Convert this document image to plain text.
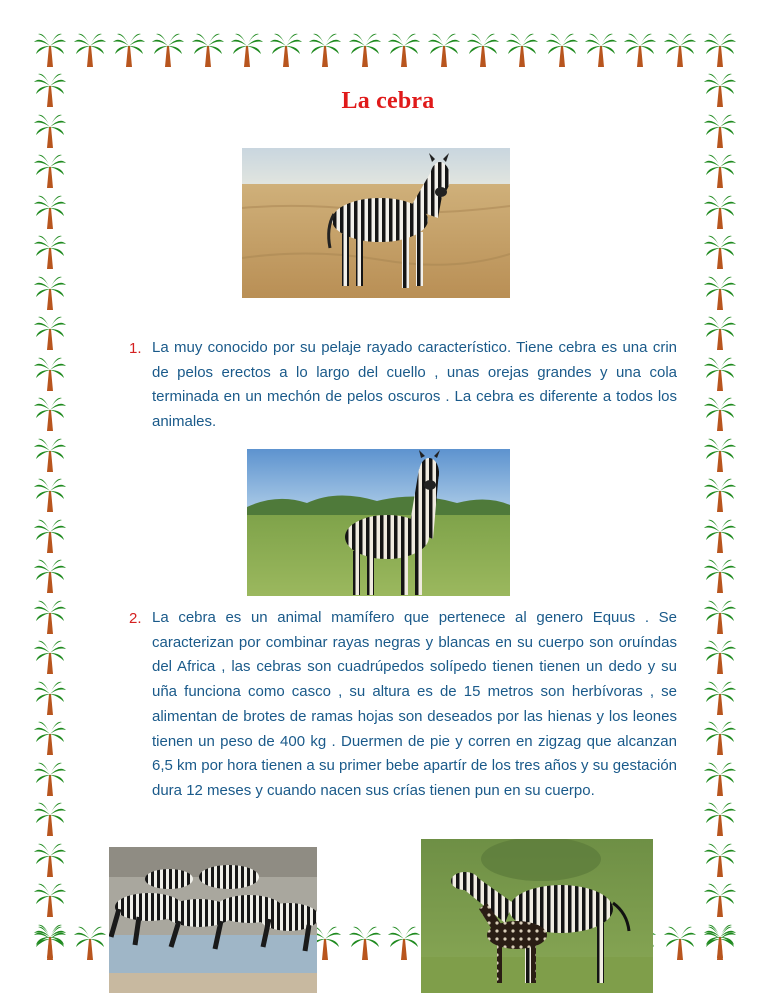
La cebra
1. La muy conocido por su pelaje rayado característico. Tiene cebra es una crin de pelos erectos a lo largo del cuello , unas orejas grandes y una cola terminada en un mechón de pelos oscuros . La cebra es diferente a todos los animales.

2. La cebra es un animal mamífero que pertenece al genero Equus . Se caracterizan por combinar rayas negras y blancas en su cuerpo son oruíndas del Africa , las cebras son cuadrúpedos solípedo tienen tienen un dedo y su uña funciona como casco , su altura es de 15 metros son herbívoras , se alimentan de brotes de ramas hojas son deseados por las hienas y los leones tienen un peso de 400 kg . Duermen de pie y corren en zigzag que alcanzan 6,5 km por hora tienen a su primer bebe apartír de los tres años y su gestación dura 12 meses y cuando nacen sus crías tienen pun en su cuerpo.
